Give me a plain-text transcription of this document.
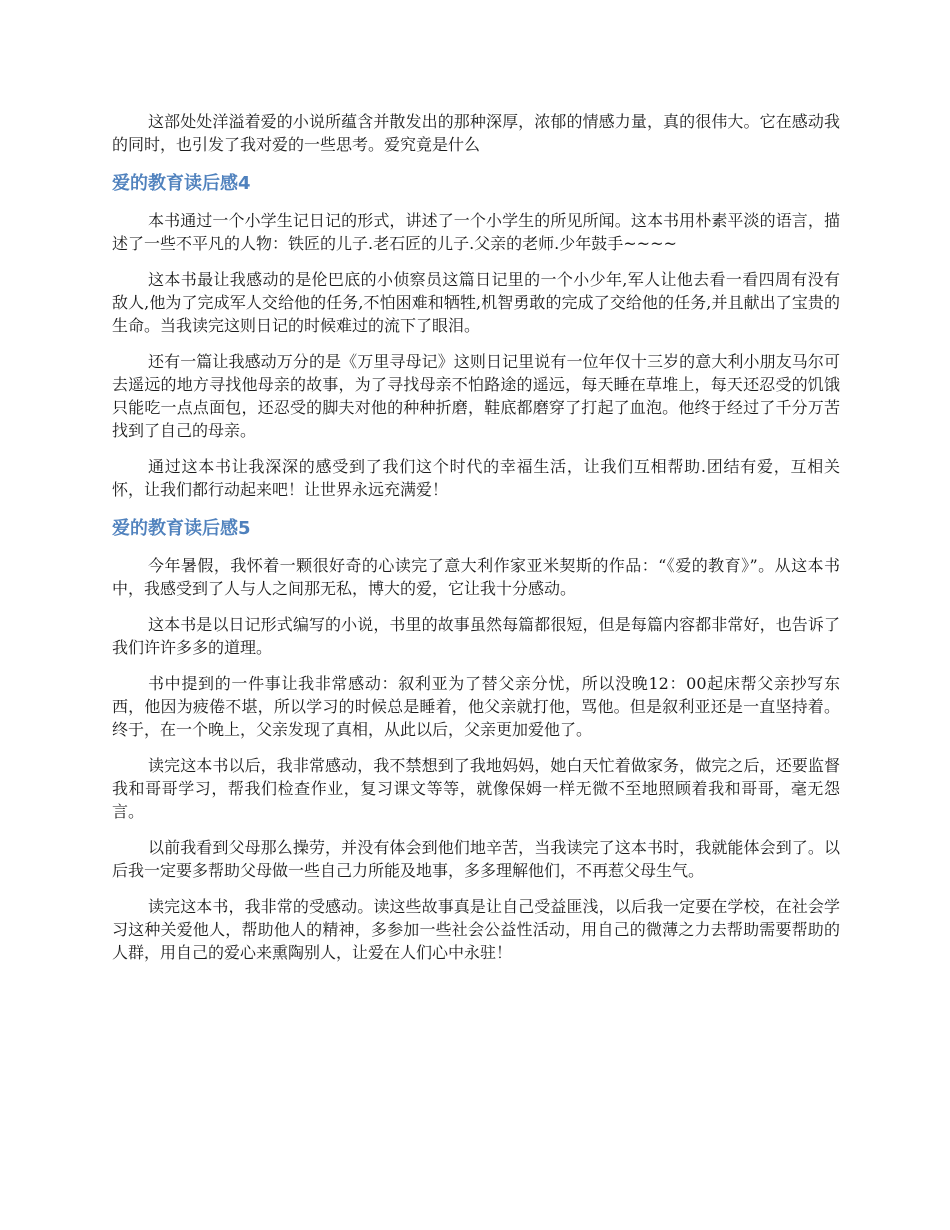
这部处处洋溢着爱的小说所蕴含并散发出的那种深厚，浓郁的情感力量，真的很伟大。它在感动我的同时，也引发了我对爱的一些思考。爱究竟是什么

爱的教育读后感4

本书通过一个小学生记日记的形式，讲述了一个小学生的所见所闻。这本书用朴素平淡的语言，描述了一些不平凡的人物：铁匠的儿子.老石匠的儿子.父亲的老师.少年鼓手~~~~

这本书最让我感动的是伦巴底的小侦察员这篇日记里的一个小少年,军人让他去看一看四周有没有敌人,他为了完成军人交给他的任务,不怕困难和牺牲,机智勇敢的完成了交给他的任务,并且献出了宝贵的生命。当我读完这则日记的时候难过的流下了眼泪。

还有一篇让我感动万分的是《万里寻母记》这则日记里说有一位年仅十三岁的意大利小朋友马尔可去遥远的地方寻找他母亲的故事，为了寻找母亲不怕路途的遥远，每天睡在草堆上，每天还忍受的饥饿只能吃一点点面包，还忍受的脚夫对他的种种折磨，鞋底都磨穿了打起了血泡。他终于经过了千分万苦找到了自己的母亲。

通过这本书让我深深的感受到了我们这个时代的幸福生活，让我们互相帮助.团结有爱，互相关怀，让我们都行动起来吧！让世界永远充满爱！

爱的教育读后感5

今年暑假，我怀着一颗很好奇的心读完了意大利作家亚米契斯的作品：“《爱的教育》”。从这本书中，我感受到了人与人之间那无私，博大的爱，它让我十分感动。

这本书是以日记形式编写的小说，书里的故事虽然每篇都很短，但是每篇内容都非常好，也告诉了我们许许多多的道理。

书中提到的一件事让我非常感动：叙利亚为了替父亲分忧，所以没晚12：00起床帮父亲抄写东西，他因为疲倦不堪，所以学习的时候总是睡着，他父亲就打他，骂他。但是叙利亚还是一直坚持着。终于，在一个晚上，父亲发现了真相，从此以后，父亲更加爱他了。

读完这本书以后，我非常感动，我不禁想到了我地妈妈，她白天忙着做家务，做完之后，还要监督我和哥哥学习，帮我们检查作业，复习课文等等，就像保姆一样无微不至地照顾着我和哥哥，毫无怨言。

以前我看到父母那么操劳，并没有体会到他们地辛苦，当我读完了这本书时，我就能体会到了。以后我一定要多帮助父母做一些自己力所能及地事，多多理解他们，不再惹父母生气。

读完这本书，我非常的受感动。读这些故事真是让自己受益匪浅，以后我一定要在学校，在社会学习这种关爱他人，帮助他人的精神，多参加一些社会公益性活动，用自己的微薄之力去帮助需要帮助的人群，用自己的爱心来熏陶别人，让爱在人们心中永驻！
